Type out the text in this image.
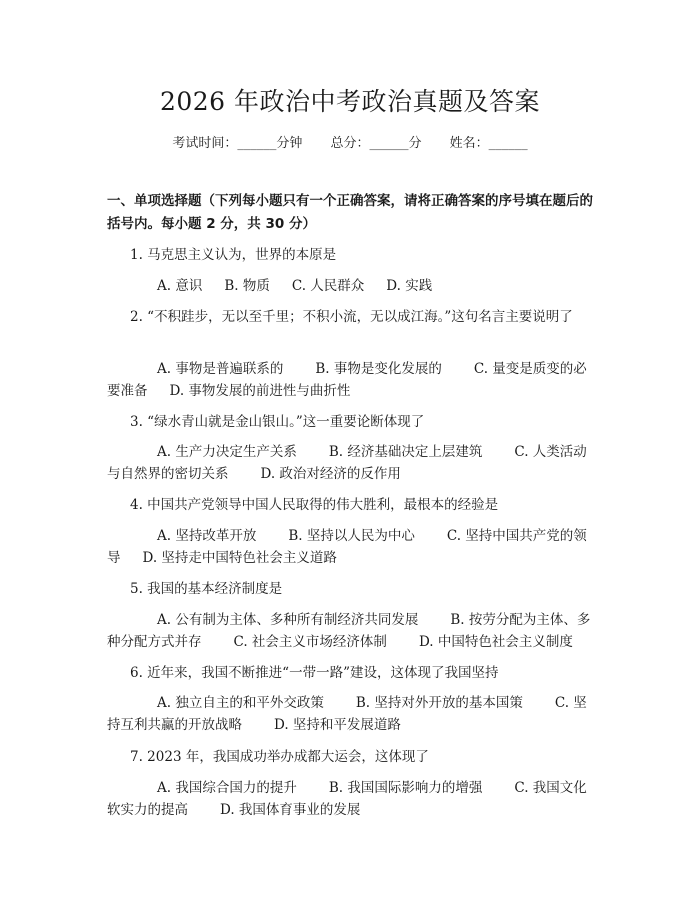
2026 年政治中考政治真题及答案
考试时间：______分钟 总分：______分 姓名：______
一、单项选择题（下列每小题只有一个正确答案，请将正确答案的序号填在题后的括号内。每小题 2 分，共 30 分）
1. 马克思主义认为，世界的本原是
A. 意识 B. 物质 C. 人民群众 D. 实践
2. “不积跬步，无以至千里；不积小流，无以成江海。”这句名言主要说明了
A. 事物是普遍联系的 B. 事物是变化发展的 C. 量变是质变的必要准备 D. 事物发展的前进性与曲折性
3. “绿水青山就是金山银山。”这一重要论断体现了
A. 生产力决定生产关系 B. 经济基础决定上层建筑 C. 人类活动与自然界的密切关系 D. 政治对经济的反作用
4. 中国共产党领导中国人民取得的伟大胜利，最根本的经验是
A. 坚持改革开放 B. 坚持以人民为中心 C. 坚持中国共产党的领导 D. 坚持走中国特色社会主义道路
5. 我国的基本经济制度是
A. 公有制为主体、多种所有制经济共同发展 B. 按劳分配为主体、多种分配方式并存 C. 社会主义市场经济体制 D. 中国特色社会主义制度
6. 近年来，我国不断推进“一带一路”建设，这体现了我国坚持
A. 独立自主的和平外交政策 B. 坚持对外开放的基本国策 C. 坚持互利共赢的开放战略 D. 坚持和平发展道路
7. 2023 年，我国成功举办成都大运会，这体现了
A. 我国综合国力的提升 B. 我国国际影响力的增强 C. 我国文化软实力的提高 D. 我国体育事业的发展
